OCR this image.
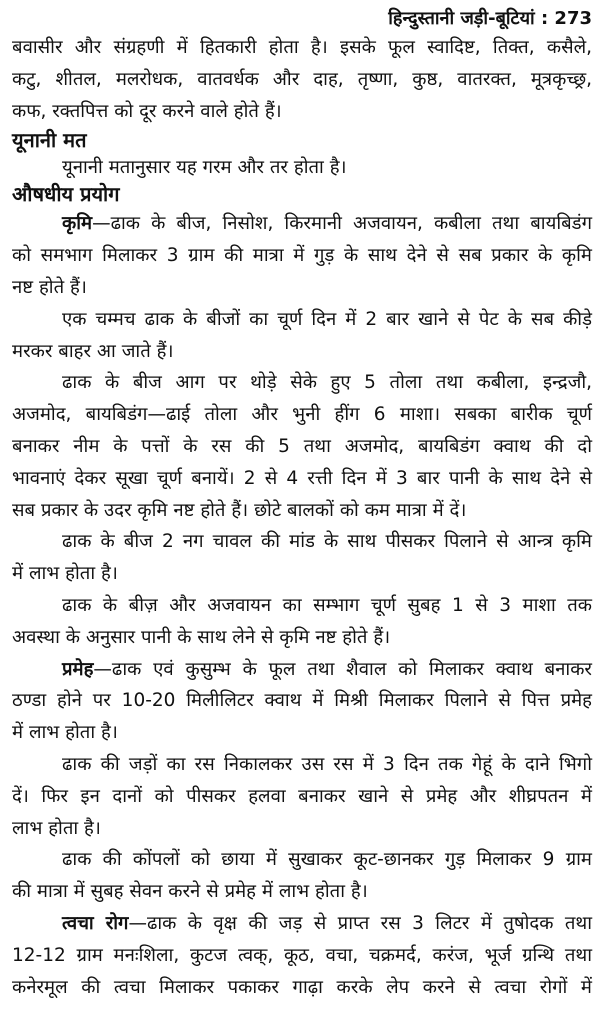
हिन्दुस्तानी जड़ी-बूटियां : 273
बवासीर और संग्रहणी में हितकारी होता है। इसके फूल स्वादिष्ट, तिक्त, कसैले,
कटु, शीतल, मलरोधक, वातवर्धक और दाह, तृष्णा, कुष्ठ, वातरक्त, मूत्रकृच्छ्र,
कफ, रक्तपित्त को दूर करने वाले होते हैं।
यूनानी मत
यूनानी मतानुसार यह गरम और तर होता है।
औषधीय प्रयोग
कृमि—ढाक के बीज, निसोश, किरमानी अजवायन, कबीला तथा बायबिडंग
को समभाग मिलाकर 3 ग्राम की मात्रा में गुड़ के साथ देने से सब प्रकार के कृमि
नष्ट होते हैं।
एक चम्मच ढाक के बीजों का चूर्ण दिन में 2 बार खाने से पेट के सब कीड़े
मरकर बाहर आ जाते हैं।
ढाक के बीज आग पर थोड़े सेके हुए 5 तोला तथा कबीला, इन्द्रजौ,
अजमोद, बायबिडंग—ढाई तोला और भुनी हींग 6 माशा। सबका बारीक चूर्ण
बनाकर नीम के पत्तों के रस की 5 तथा अजमोद, बायबिडंग क्वाथ की दो
भावनाएं देकर सूखा चूर्ण बनायें। 2 से 4 रत्ती दिन में 3 बार पानी के साथ देने से
सब प्रकार के उदर कृमि नष्ट होते हैं। छोटे बालकों को कम मात्रा में दें।
ढाक के बीज 2 नग चावल की मांड के साथ पीसकर पिलाने से आन्त्र कृमि
में लाभ होता है।
ढाक के बीज़ और अजवायन का सम्भाग चूर्ण सुबह 1 से 3 माशा तक
अवस्था के अनुसार पानी के साथ लेने से कृमि नष्ट होते हैं।
प्रमेह—ढाक एवं कुसुम्भ के फूल तथा शैवाल को मिलाकर क्वाथ बनाकर
ठण्डा होने पर 10-20 मिलीलिटर क्वाथ में मिश्री मिलाकर पिलाने से पित्त प्रमेह
में लाभ होता है।
ढाक की जड़ों का रस निकालकर उस रस में 3 दिन तक गेहूं के दाने भिगो
दें। फिर इन दानों को पीसकर हलवा बनाकर खाने से प्रमेह और शीघ्रपतन में
लाभ होता है।
ढाक की कोंपलों को छाया में सुखाकर कूट-छानकर गुड़ मिलाकर 9 ग्राम
की मात्रा में सुबह सेवन करने से प्रमेह में लाभ होता है।
त्वचा रोग—ढाक के वृक्ष की जड़ से प्राप्त रस 3 लिटर में तुषोदक तथा
12-12 ग्राम मनःशिला, कुटज त्वक्, कूठ, वचा, चक्रमर्द, करंज, भूर्ज ग्रन्थि तथा
कनेरमूल की त्वचा मिलाकर पकाकर गाढ़ा करके लेप करने से त्वचा रोगों में
